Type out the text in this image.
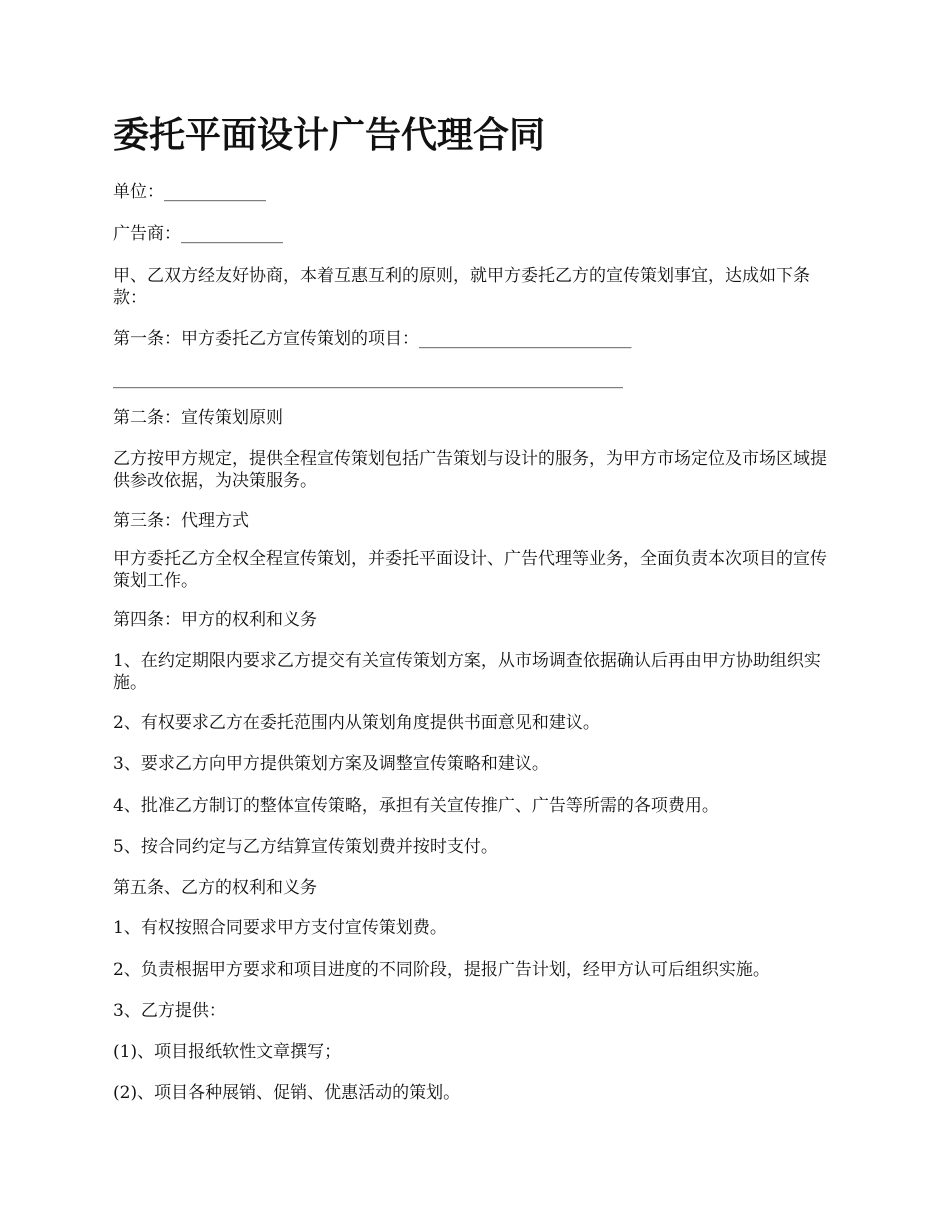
委托平面设计广告代理合同

单位：____________

广告商：____________

甲、乙双方经友好协商，本着互惠互利的原则，就甲方委托乙方的宣传策划事宜，达成如下条款：

第一条：甲方委托乙方宣传策划的项目：_________________________

____________________________________________________________

第二条：宣传策划原则

乙方按甲方规定，提供全程宣传策划包括广告策划与设计的服务，为甲方市场定位及市场区域提供参改依据，为决策服务。

第三条：代理方式

甲方委托乙方全权全程宣传策划，并委托平面设计、广告代理等业务，全面负责本次项目的宣传策划工作。

第四条：甲方的权利和义务

1、在约定期限内要求乙方提交有关宣传策划方案，从市场调查依据确认后再由甲方协助组织实施。

2、有权要求乙方在委托范围内从策划角度提供书面意见和建议。

3、要求乙方向甲方提供策划方案及调整宣传策略和建议。

4、批准乙方制订的整体宣传策略，承担有关宣传推广、广告等所需的各项费用。

5、按合同约定与乙方结算宣传策划费并按时支付。

第五条、乙方的权利和义务

1、有权按照合同要求甲方支付宣传策划费。

2、负责根据甲方要求和项目进度的不同阶段，提报广告计划，经甲方认可后组织实施。

3、乙方提供：

(1)、项目报纸软性文章撰写；

(2)、项目各种展销、促销、优惠活动的策划。
